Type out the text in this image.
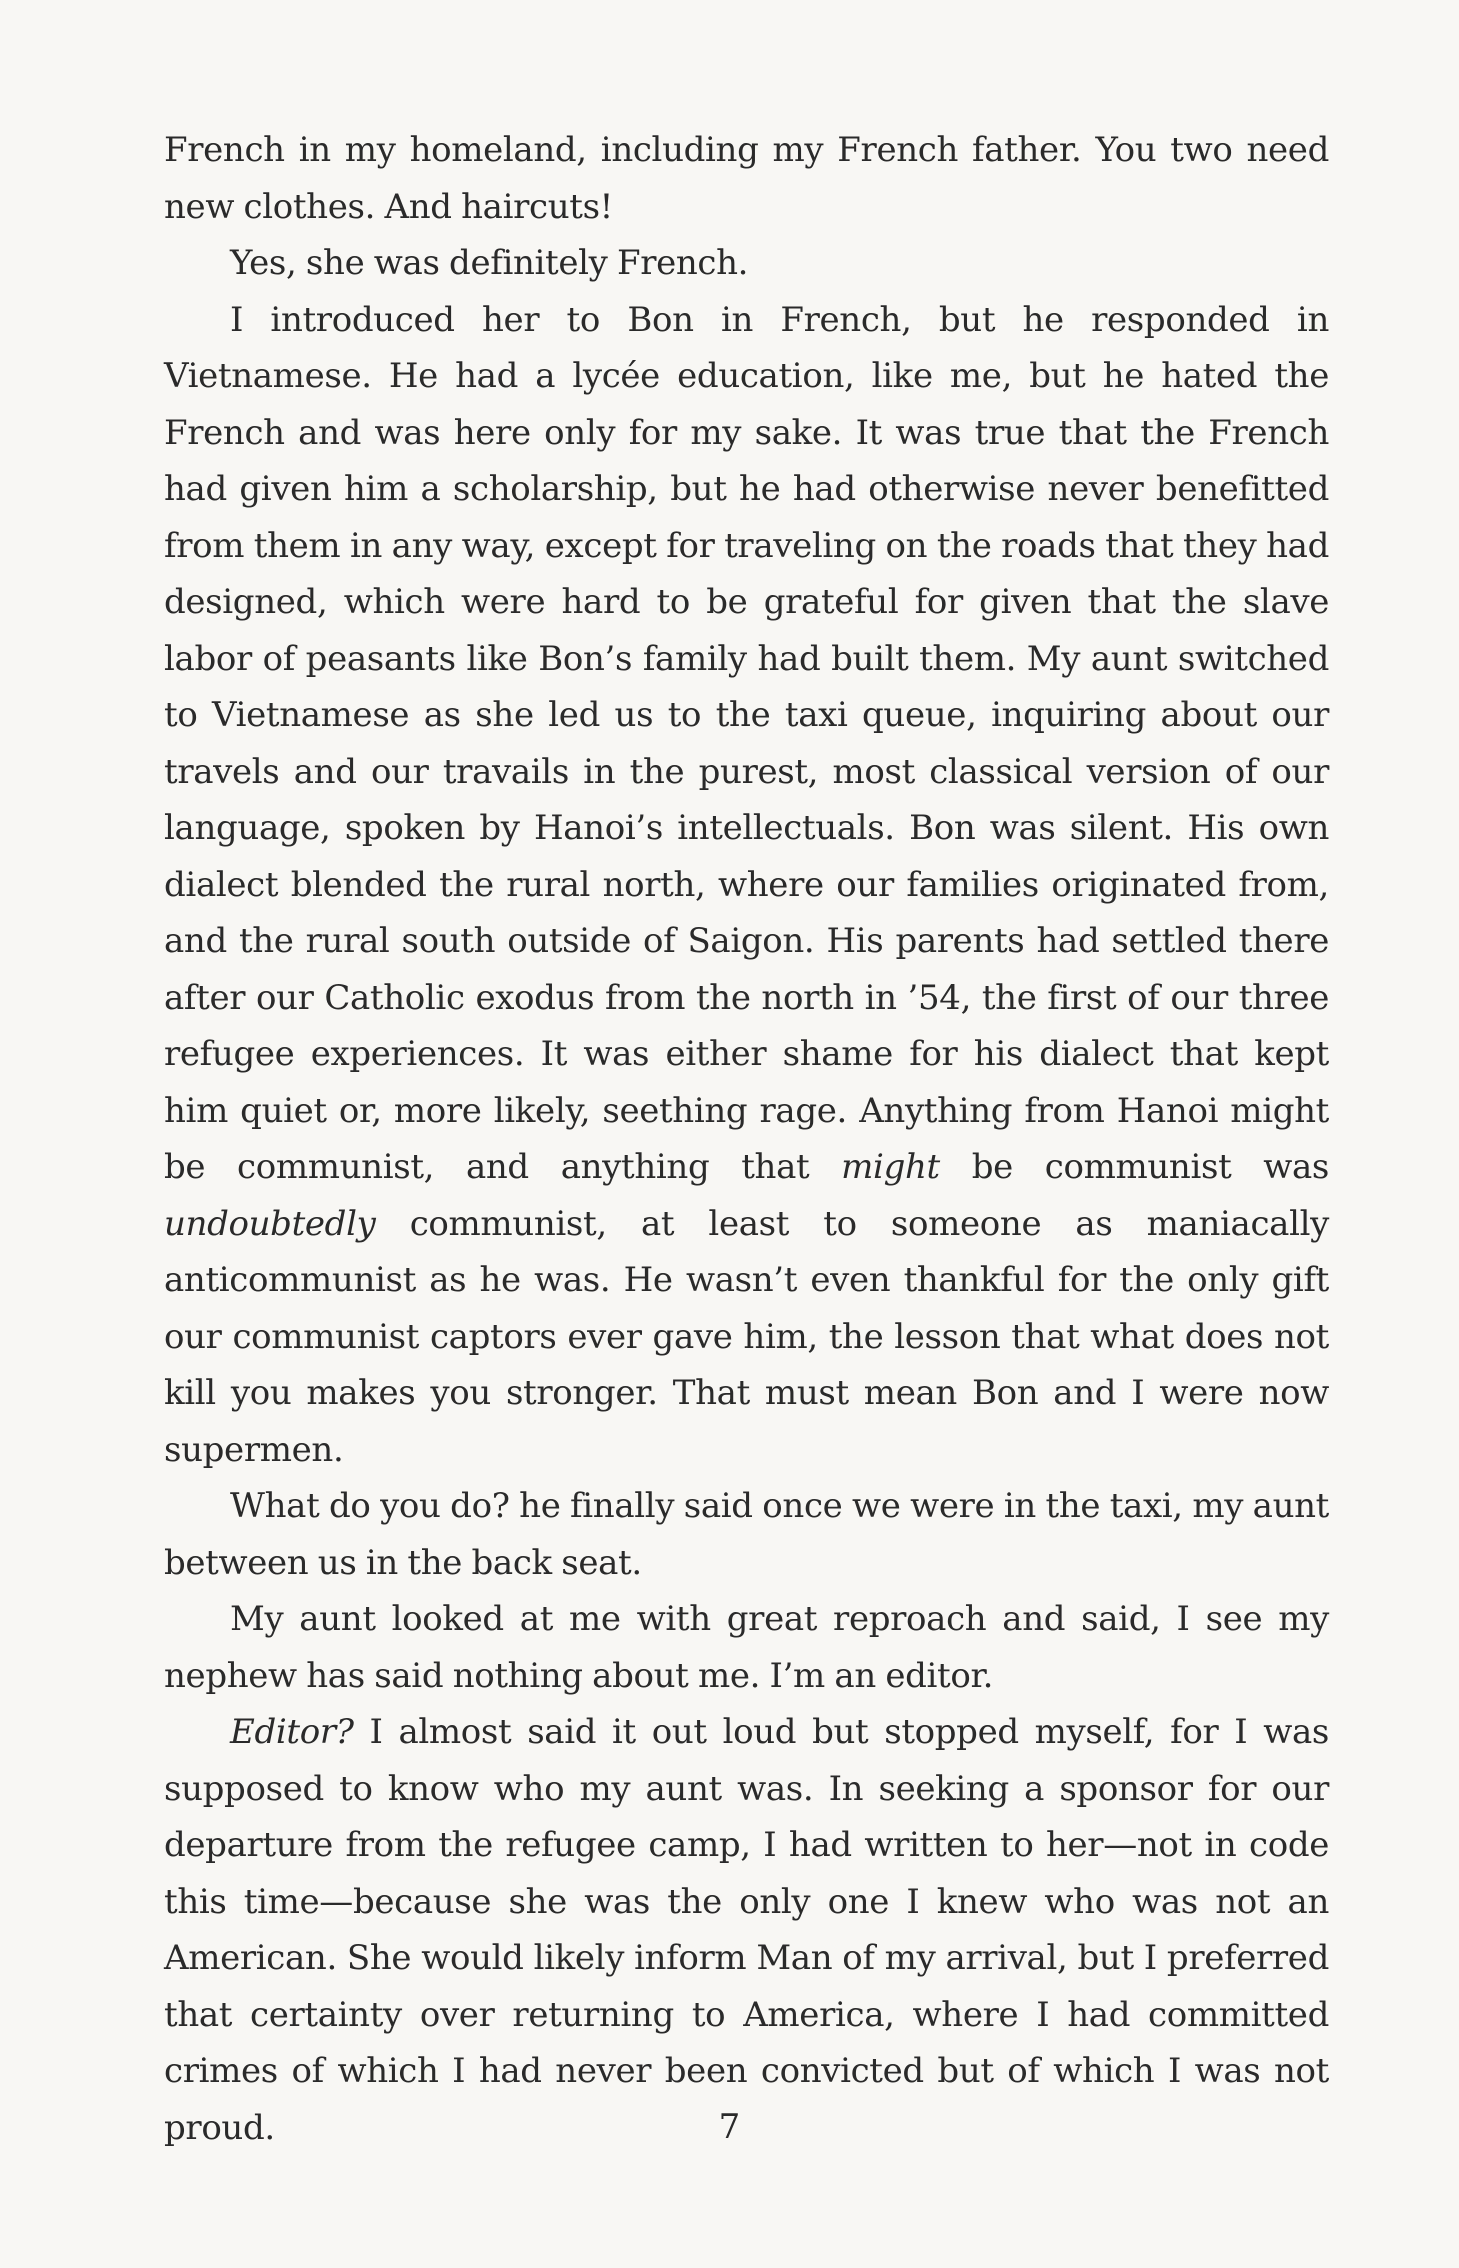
French in my homeland, including my French father. You two need new clothes. And haircuts!

Yes, she was definitely French.

I introduced her to Bon in French, but he responded in Vietnamese. He had a lycée education, like me, but he hated the French and was here only for my sake. It was true that the French had given him a scholarship, but he had otherwise never benefitted from them in any way, except for traveling on the roads that they had designed, which were hard to be grateful for given that the slave labor of peasants like Bon’s family had built them. My aunt switched to Vietnamese as she led us to the taxi queue, inquiring about our travels and our travails in the purest, most classical version of our language, spoken by Hanoi’s intellectuals. Bon was silent. His own dialect blended the rural north, where our families originated from, and the rural south outside of Saigon. His parents had settled there after our Catholic exodus from the north in ’54, the first of our three refugee experiences. It was either shame for his dialect that kept him quiet or, more likely, seething rage. Anything from Hanoi might be communist, and anything that might be communist was undoubtedly communist, at least to someone as maniacally anticommunist as he was. He wasn’t even thankful for the only gift our communist captors ever gave him, the lesson that what does not kill you makes you stronger. That must mean Bon and I were now supermen.

What do you do? he finally said once we were in the taxi, my aunt between us in the back seat.

My aunt looked at me with great reproach and said, I see my nephew has said nothing about me. I’m an editor.

Editor? I almost said it out loud but stopped myself, for I was supposed to know who my aunt was. In seeking a sponsor for our departure from the refugee camp, I had written to her—not in code this time—because she was the only one I knew who was not an American. She would likely inform Man of my arrival, but I preferred that certainty over returning to America, where I had committed crimes of which I had never been convicted but of which I was not proud.	7
